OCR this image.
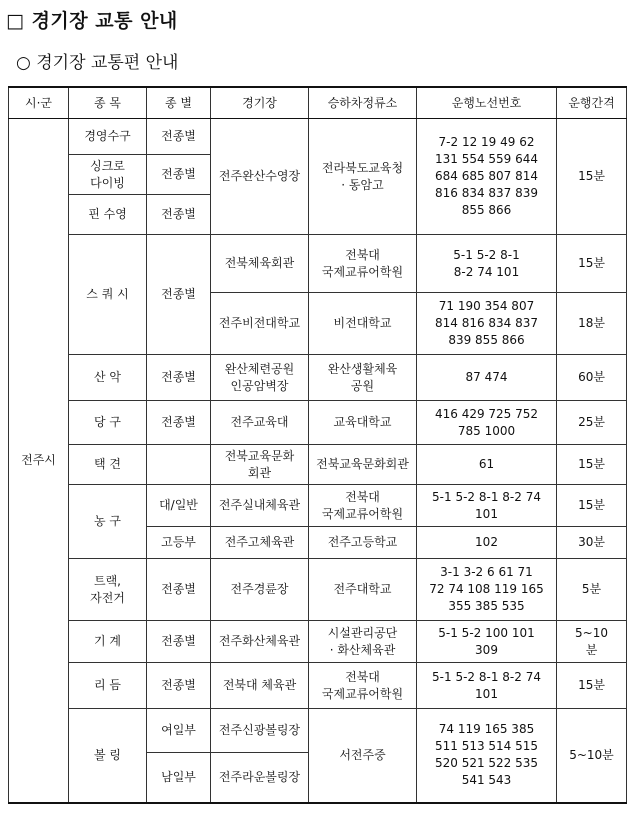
□ 경기장 교통 안내
○ 경기장 교통편 안내
시·군	종 목	종 별	경기장	승하차정류소	운행노선번호	운행간격
전주시	경영수구	전종별	전주완산수영장	전라북도교육청
· 동암고	7-2 12 19 49 62
131 554 559 644
684 685 807 814
816 834 837 839
855 866	15분
	싱크로
다이빙	전종별				
	핀 수영	전종별				
	스 쿼 시	전종별	전북체육회관	전북대
국제교류어학원	5-1 5-2 8-1
8-2 74 101	15분
			전주비전대학교	비전대학교	71 190 354 807
814 816 834 837
839 855 866	18분
	산 악	전종별	완산체련공원
인공암벽장	완산생활체육
공원	87 474	60분
	당 구	전종별	전주교육대	교육대학교	416 429 725 752
785 1000	25분
	택 견		전북교육문화
회관	전북교육문화회관	61	15분
	농 구	대/일반	전주실내체육관	전북대
국제교류어학원	5-1 5-2 8-1 8-2 74
101	15분
		고등부	전주고체육관	전주고등학교	102	30분
	트랙,
자전거	전종별	전주경륜장	전주대학교	3-1 3-2 6 61 71
72 74 108 119 165
355 385 535	5분
	기 계	전종별	전주화산체육관	시설관리공단
· 화산체육관	5-1 5-2 100 101
309	5~10
분
	리 듬	전종별	전북대 체육관	전북대
국제교류어학원	5-1 5-2 8-1 8-2 74
101	15분
	볼 링	여일부	전주신광볼링장	서전주중	74 119 165 385
511 513 514 515
520 521 522 535
541 543	5~10분
		남일부	전주라운볼링장			
